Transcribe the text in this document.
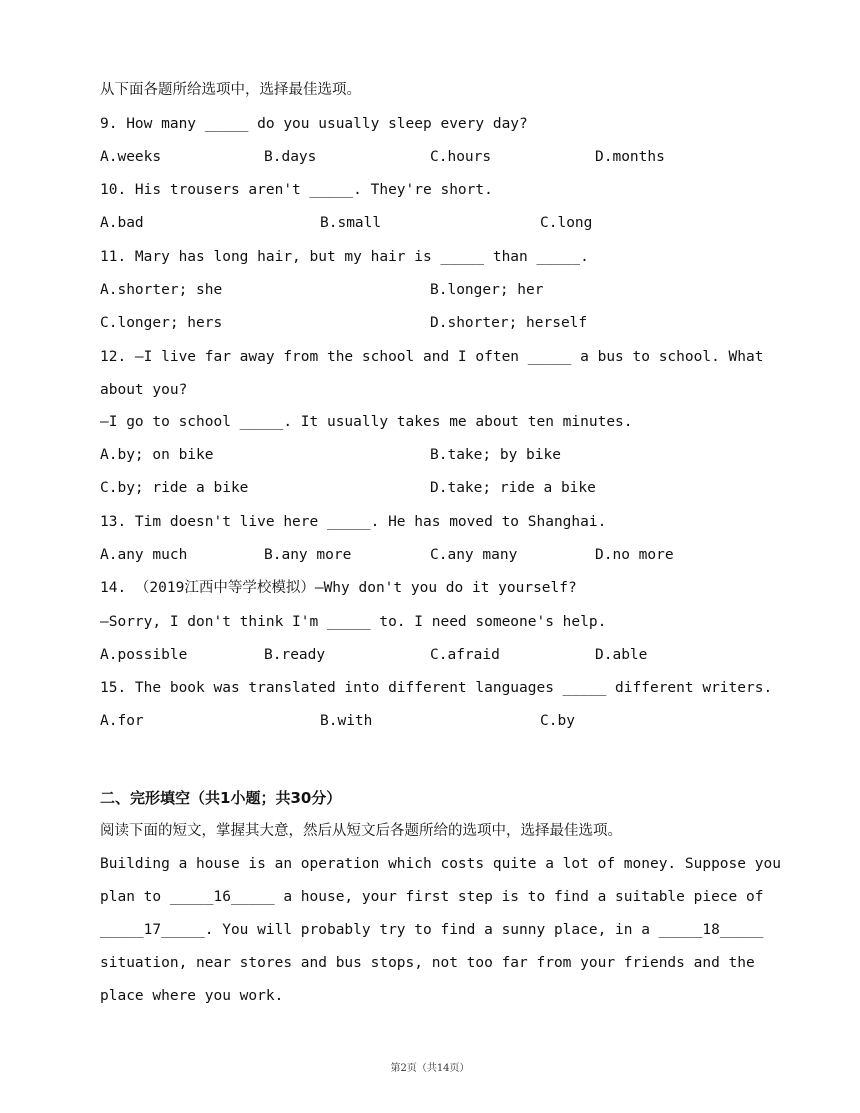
从下面各题所给选项中，选择最佳选项。
9. How many _____ do you usually sleep every day?
A.weeks	B.days	C.hours	D.months
10. His trousers aren't _____. They're short.
A.bad	B.small	C.long
11. Mary has long hair, but my hair is _____ than _____.
A.shorter; she	B.longer; her
C.longer; hers	D.shorter; herself
12. —I live far away from the school and I often _____ a bus to school. What
about you?
—I go to school _____. It usually takes me about ten minutes.
A.by; on bike	B.take; by bike
C.by; ride a bike	D.take; ride a bike
13. Tim doesn't live here _____. He has moved to Shanghai.
A.any much	B.any more	C.any many	D.no more
14. （2019江西中等学校模拟）—Why don't you do it yourself?
—Sorry, I don't think I'm _____ to. I need someone's help.
A.possible	B.ready	C.afraid	D.able
15. The book was translated into different languages _____ different writers.
A.for	B.with	C.by
二、完形填空（共1小题；共30分）
阅读下面的短文，掌握其大意，然后从短文后各题所给的选项中，选择最佳选项。
Building a house is an operation which costs quite a lot of money. Suppose you
plan to _____16_____ a house, your first step is to find a suitable piece of
_____17_____. You will probably try to find a sunny place, in a _____18_____
situation, near stores and bus stops, not too far from your friends and the
place where you work.
第2页（共14页）
